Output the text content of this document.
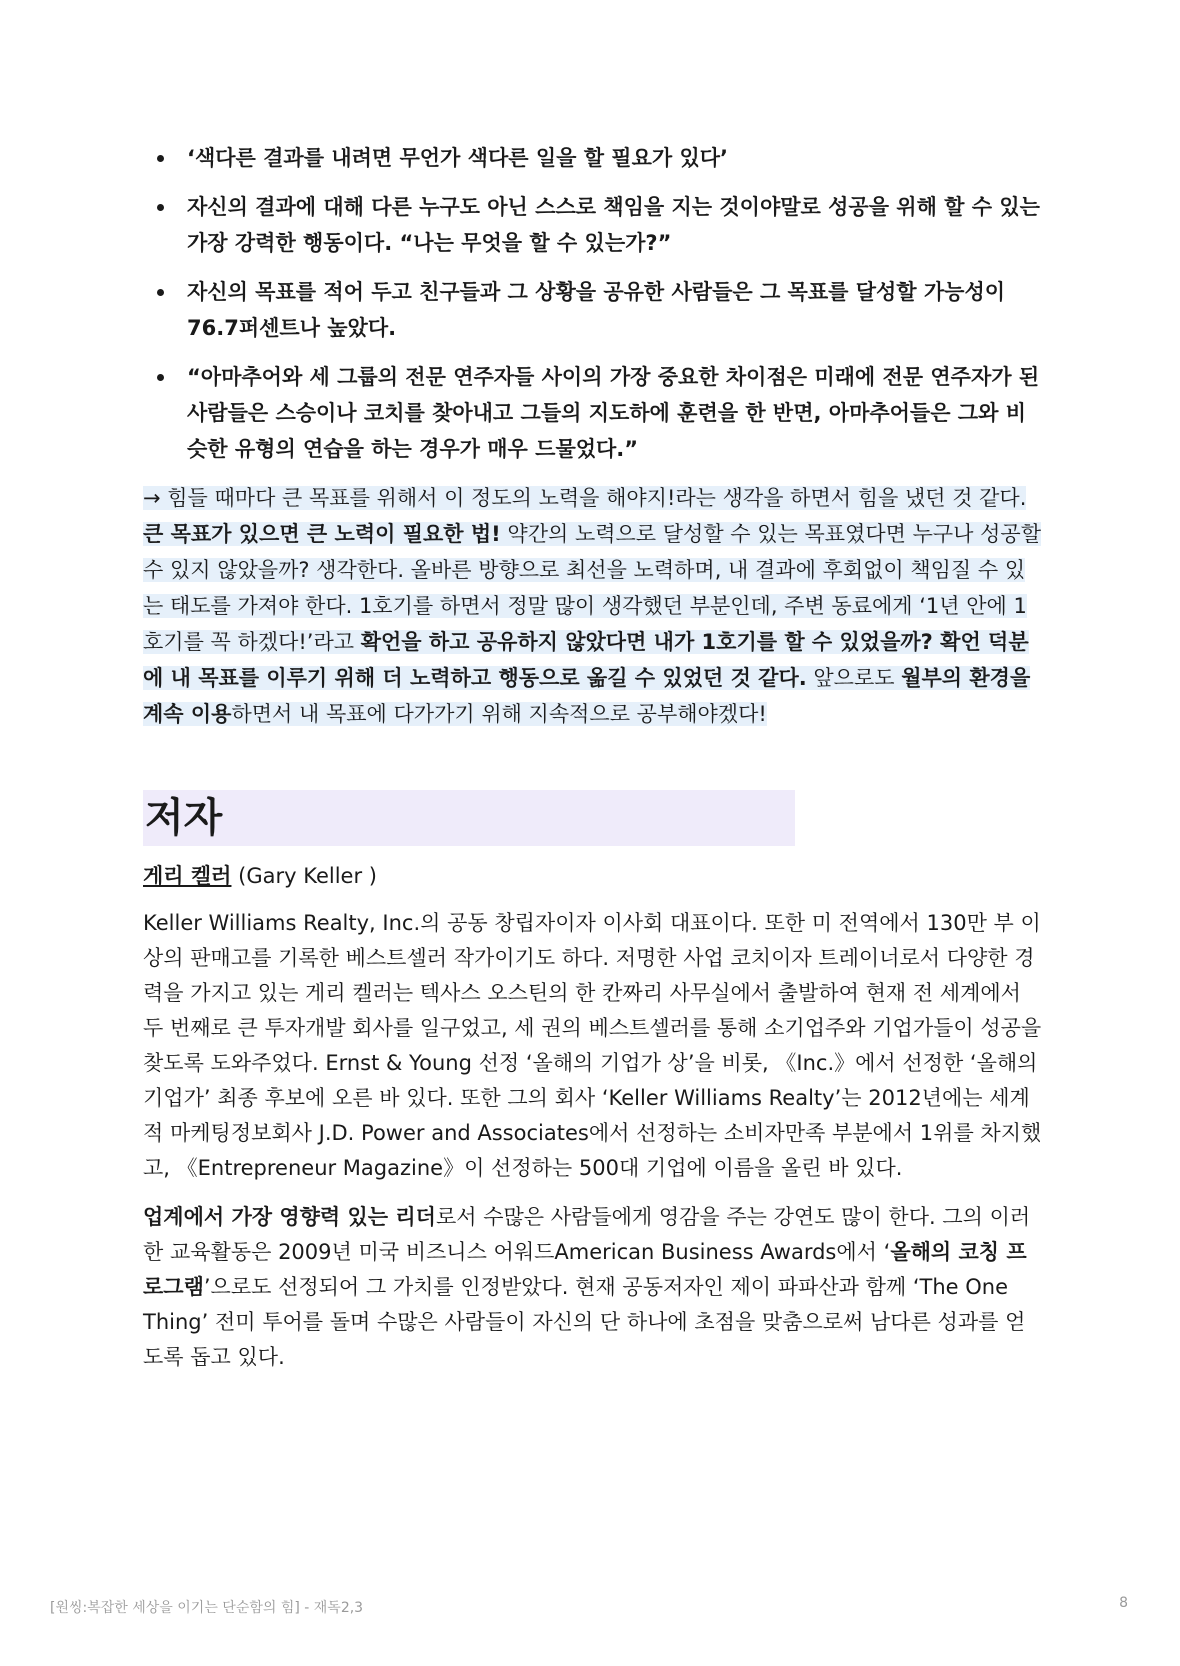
‘색다른 결과를 내려면 무언가 색다른 일을 할 필요가 있다’
자신의 결과에 대해 다른 누구도 아닌 스스로 책임을 지는 것이야말로 성공을 위해 할 수 있는 가장 강력한 행동이다. “나는 무엇을 할 수 있는가?”
자신의 목표를 적어 두고 친구들과 그 상황을 공유한 사람들은 그 목표를 달성할 가능성이 76.7퍼센트나 높았다.
“아마추어와 세 그룹의 전문 연주자들 사이의 가장 중요한 차이점은 미래에 전문 연주자가 된 사람들은 스승이나 코치를 찾아내고 그들의 지도하에 훈련을 한 반면, 아마추어들은 그와 비슷한 유형의 연습을 하는 경우가 매우 드물었다.”
→ 힘들 때마다 큰 목표를 위해서 이 정도의 노력을 해야지!라는 생각을 하면서 힘을 냈던 것 같다. 큰 목표가 있으면 큰 노력이 필요한 법! 약간의 노력으로 달성할 수 있는 목표였다면 누구나 성공할 수 있지 않았을까? 생각한다. 올바른 방향으로 최선을 노력하며, 내 결과에 후회없이 책임질 수 있는 태도를 가져야 한다. 1호기를 하면서 정말 많이 생각했던 부분인데, 주변 동료에게 ‘1년 안에 1호기를 꼭 하겠다!’라고 확언을 하고 공유하지 않았다면 내가 1호기를 할 수 있었을까? 확언 덕분에 내 목표를 이루기 위해 더 노력하고 행동으로 옮길 수 있었던 것 같다. 앞으로도 월부의 환경을 계속 이용하면서 내 목표에 다가가기 위해 지속적으로 공부해야겠다!
저자
게리 켈러 (Gary Keller )
Keller Williams Realty, Inc.의 공동 창립자이자 이사회 대표이다. 또한 미 전역에서 130만 부 이상의 판매고를 기록한 베스트셀러 작가이기도 하다. 저명한 사업 코치이자 트레이너로서 다양한 경력을 가지고 있는 게리 켈러는 텍사스 오스틴의 한 칸짜리 사무실에서 출발하여 현재 전 세계에서 두 번째로 큰 투자개발 회사를 일구었고, 세 권의 베스트셀러를 통해 소기업주와 기업가들이 성공을 찾도록 도와주었다. Ernst & Young 선정 ‘올해의 기업가 상’을 비롯, 《Inc.》에서 선정한 ‘올해의 기업가’ 최종 후보에 오른 바 있다. 또한 그의 회사 ‘Keller Williams Realty’는 2012년에는 세계적 마케팅정보회사 J.D. Power and Associates에서 선정하는 소비자만족 부분에서 1위를 차지했고, 《Entrepreneur Magazine》이 선정하는 500대 기업에 이름을 올린 바 있다.
업계에서 가장 영향력 있는 리더로서 수많은 사람들에게 영감을 주는 강연도 많이 한다. 그의 이러한 교육활동은 2009년 미국 비즈니스 어워드American Business Awards에서 ‘올해의 코칭 프로그램’으로도 선정되어 그 가치를 인정받았다. 현재 공동저자인 제이 파파산과 함께 ‘The One Thing’ 전미 투어를 돌며 수많은 사람들이 자신의 단 하나에 초점을 맞춤으로써 남다른 성과를 얻도록 돕고 있다.
[원씽:복잡한 세상을 이기는 단순함의 힘] - 재독2,3	8
